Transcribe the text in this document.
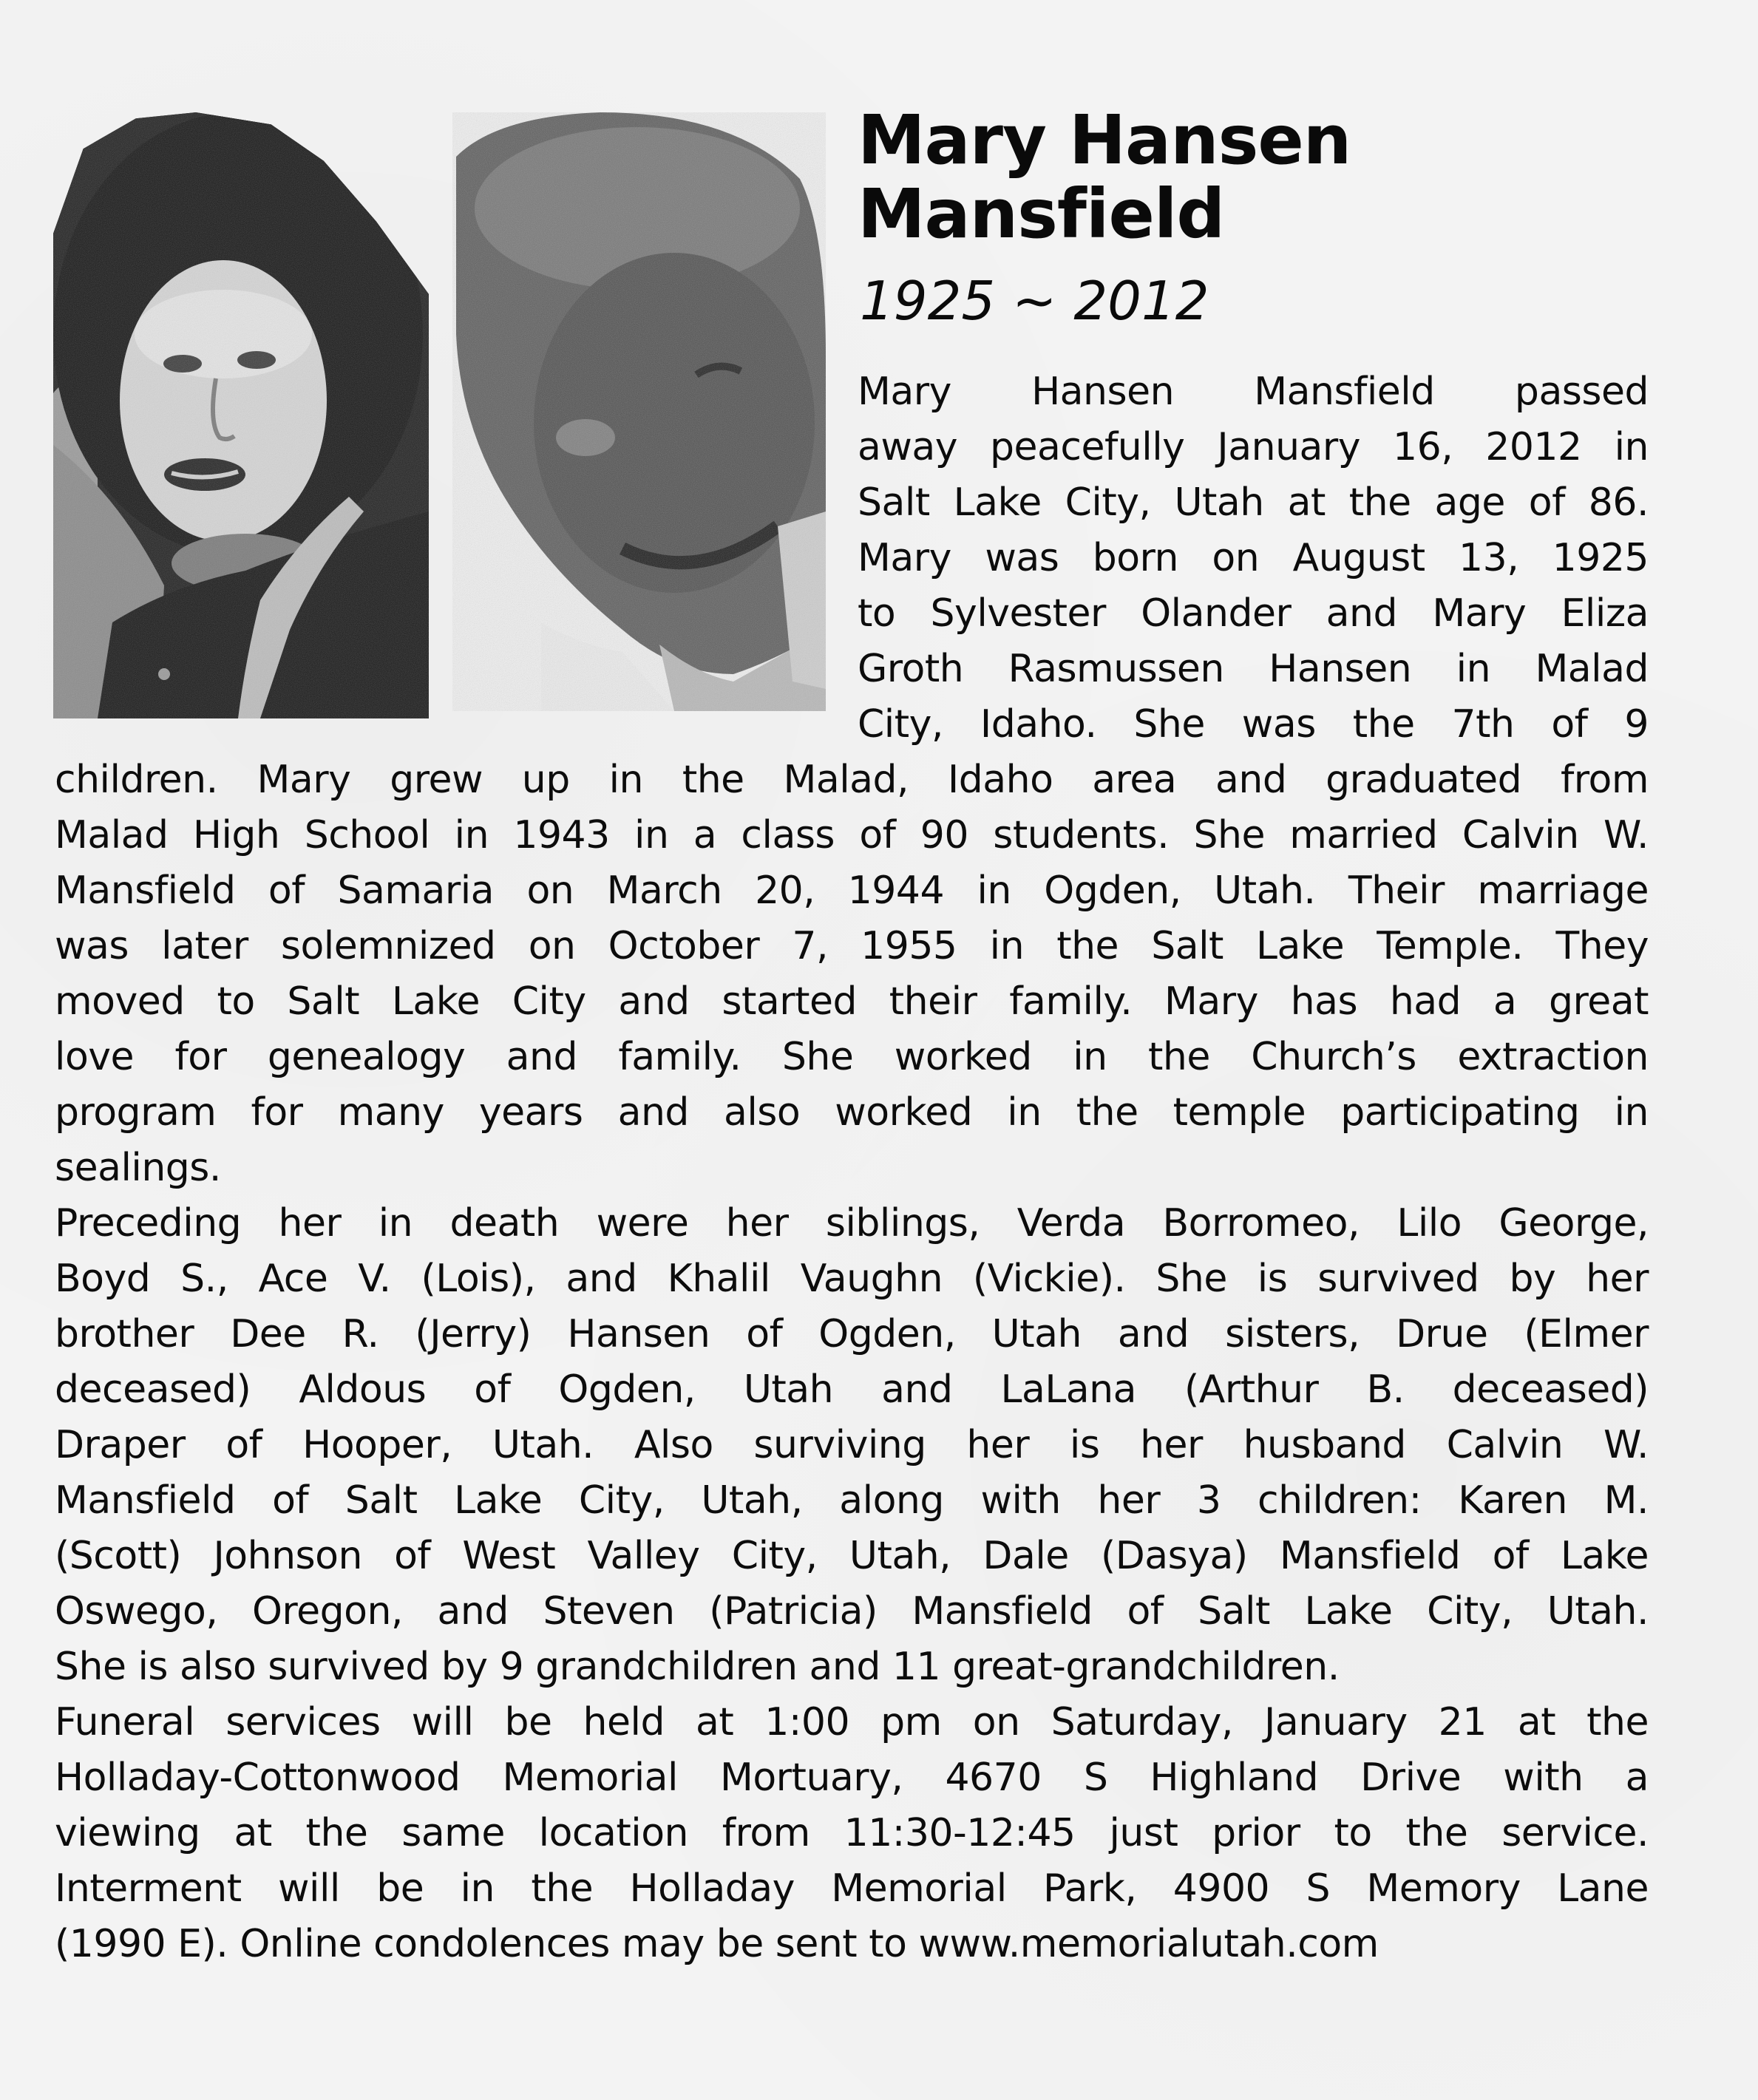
Mary Hansen
Mansfield

1925 ~ 2012

Mary Hansen Mansfield passed

away peacefully January 16, 2012 in

Salt Lake City, Utah at the age of 86.

Mary was born on August 13, 1925

to Sylvester Olander and Mary Eliza

Groth Rasmussen Hansen in Malad

City, Idaho. She was the 7th of 9

children. Mary grew up in the Malad, Idaho area and graduated from

Malad High School in 1943 in a class of 90 students. She married Calvin W.

Mansfield of Samaria on March 20, 1944 in Ogden, Utah. Their marriage

was later solemnized on October 7, 1955 in the Salt Lake Temple. They

moved to Salt Lake City and started their family. Mary has had a great

love for genealogy and family. She worked in the Church’s extraction

program for many years and also worked in the temple participating in

sealings.

Preceding her in death were her siblings, Verda Borromeo, Lilo George,

Boyd S., Ace V. (Lois), and Khalil Vaughn (Vickie). She is survived by her

brother Dee R. (Jerry) Hansen of Ogden, Utah and sisters, Drue (Elmer

deceased) Aldous of Ogden, Utah and LaLana (Arthur B. deceased)

Draper of Hooper, Utah. Also surviving her is her husband Calvin W.

Mansfield of Salt Lake City, Utah, along with her 3 children: Karen M.

(Scott) Johnson of West Valley City, Utah, Dale (Dasya) Mansfield of Lake

Oswego, Oregon, and Steven (Patricia) Mansfield of Salt Lake City, Utah.

She is also survived by 9 grandchildren and 11 great-grandchildren.

Funeral services will be held at 1:00 pm on Saturday, January 21 at the

Holladay-Cottonwood Memorial Mortuary, 4670 S Highland Drive with a

viewing at the same location from 11:30-12:45 just prior to the service.

Interment will be in the Holladay Memorial Park, 4900 S Memory Lane

(1990 E). Online condolences may be sent to www.memorialutah.com
